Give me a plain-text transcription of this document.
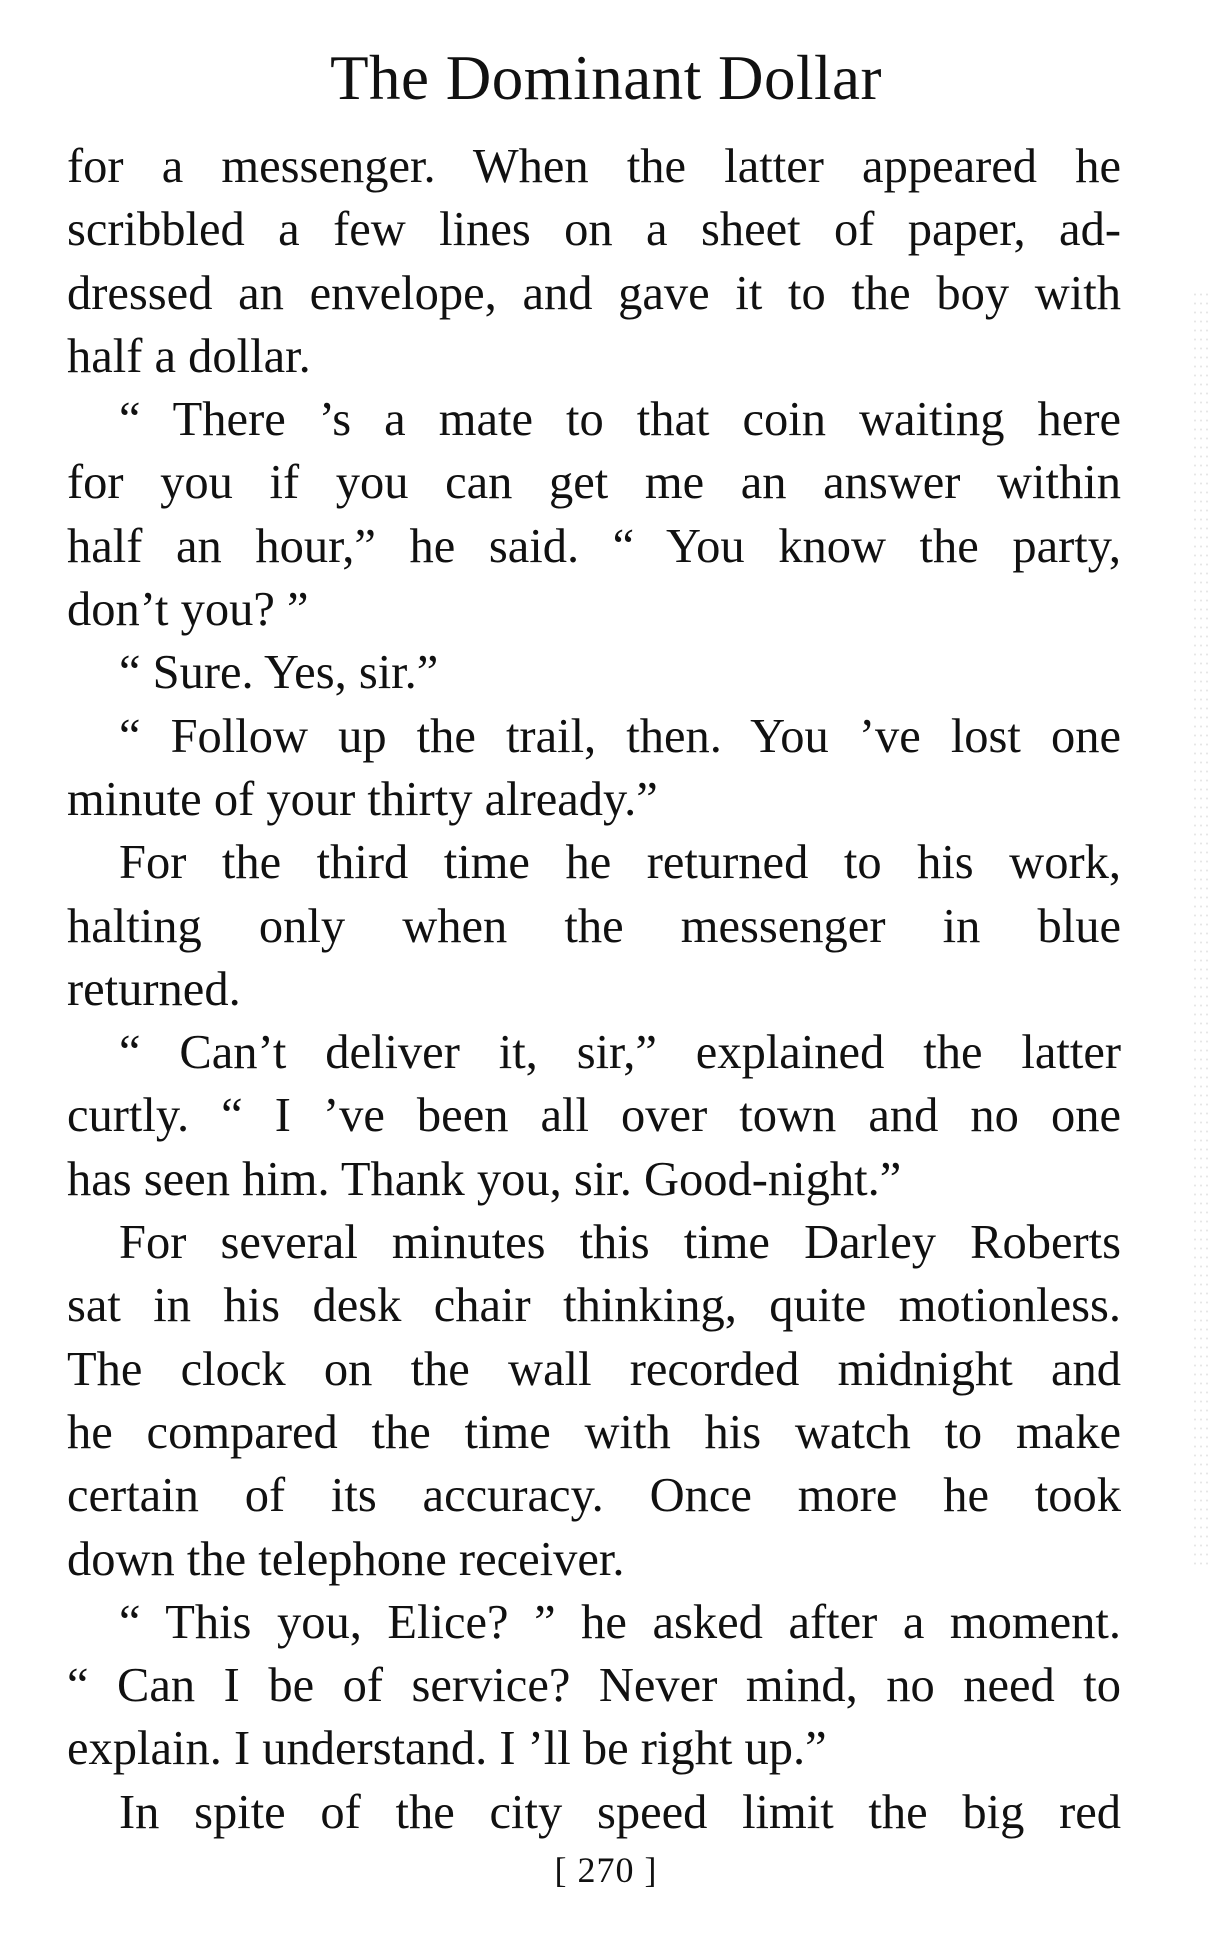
The Dominant Dollar
for a messenger. When the latter appeared he
scribbled a few lines on a sheet of paper, ad-
dressed an envelope, and gave it to the boy with
half a dollar.
“ There ’s a mate to that coin waiting here
for you if you can get me an answer within
half an hour,” he said. “ You know the party,
don’t you? ”
“ Sure. Yes, sir.”
“ Follow up the trail, then. You ’ve lost one
minute of your thirty already.”
For the third time he returned to his work,
halting only when the messenger in blue
returned.
“ Can’t deliver it, sir,” explained the latter
curtly. “ I ’ve been all over town and no one
has seen him. Thank you, sir. Good-night.”
For several minutes this time Darley Roberts
sat in his desk chair thinking, quite motionless.
The clock on the wall recorded midnight and
he compared the time with his watch to make
certain of its accuracy. Once more he took
down the telephone receiver.
“ This you, Elice? ” he asked after a moment.
“ Can I be of service? Never mind, no need to
explain. I understand. I ’ll be right up.”
In spite of the city speed limit the big red
[ 270 ]
